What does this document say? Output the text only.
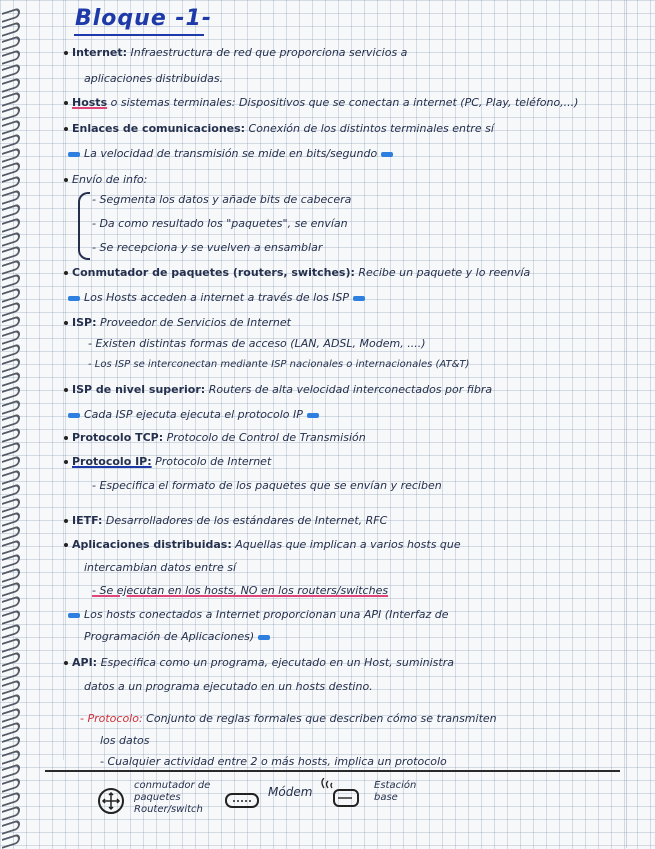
Bloque -1-
Internet: Infraestructura de red que proporciona servicios a
aplicaciones distribuidas.
Hosts o sistemas terminales: Dispositivos que se conectan a internet (PC, Play, teléfono,...)
Enlaces de comunicaciones: Conexión de los distintos terminales entre sí
La velocidad de transmisión se mide en bits/segundo
Envío de info:
- Segmenta los datos y añade bits de cabecera
- Da como resultado los "paquetes", se envían
- Se recepciona y se vuelven a ensamblar
Conmutador de paquetes (routers, switches): Recibe un paquete y lo reenvía
Los Hosts acceden a internet a través de los ISP
ISP: Proveedor de Servicios de Internet
- Existen distintas formas de acceso (LAN, ADSL, Modem, ....)
- Los ISP se interconectan mediante ISP nacionales o internacionales (AT&T)
ISP de nivel superior: Routers de alta velocidad interconectados por fibra
Cada ISP ejecuta ejecuta el protocolo IP
Protocolo TCP: Protocolo de Control de Transmisión
Protocolo IP: Protocolo de Internet
- Especifica el formato de los paquetes que se envían y reciben
IETF: Desarrolladores de los estándares de Internet, RFC
Aplicaciones distribuidas: Aquellas que implican a varios hosts que
intercambian datos entre sí
- Se ejecutan en los hosts, NO en los routers/switches
Los hosts conectados a Internet proporcionan una API (Interfaz de
Programación de Aplicaciones)
API: Especifica como un programa, ejecutado en un Host, suministra
datos a un programa ejecutado en un hosts destino.
- Protocolo: Conjunto de reglas formales que describen cómo se transmiten
los datos
- Cualquier actividad entre 2 o más hosts, implica un protocolo
conmutador de paquetes Router/switch
Módem	Estación base
